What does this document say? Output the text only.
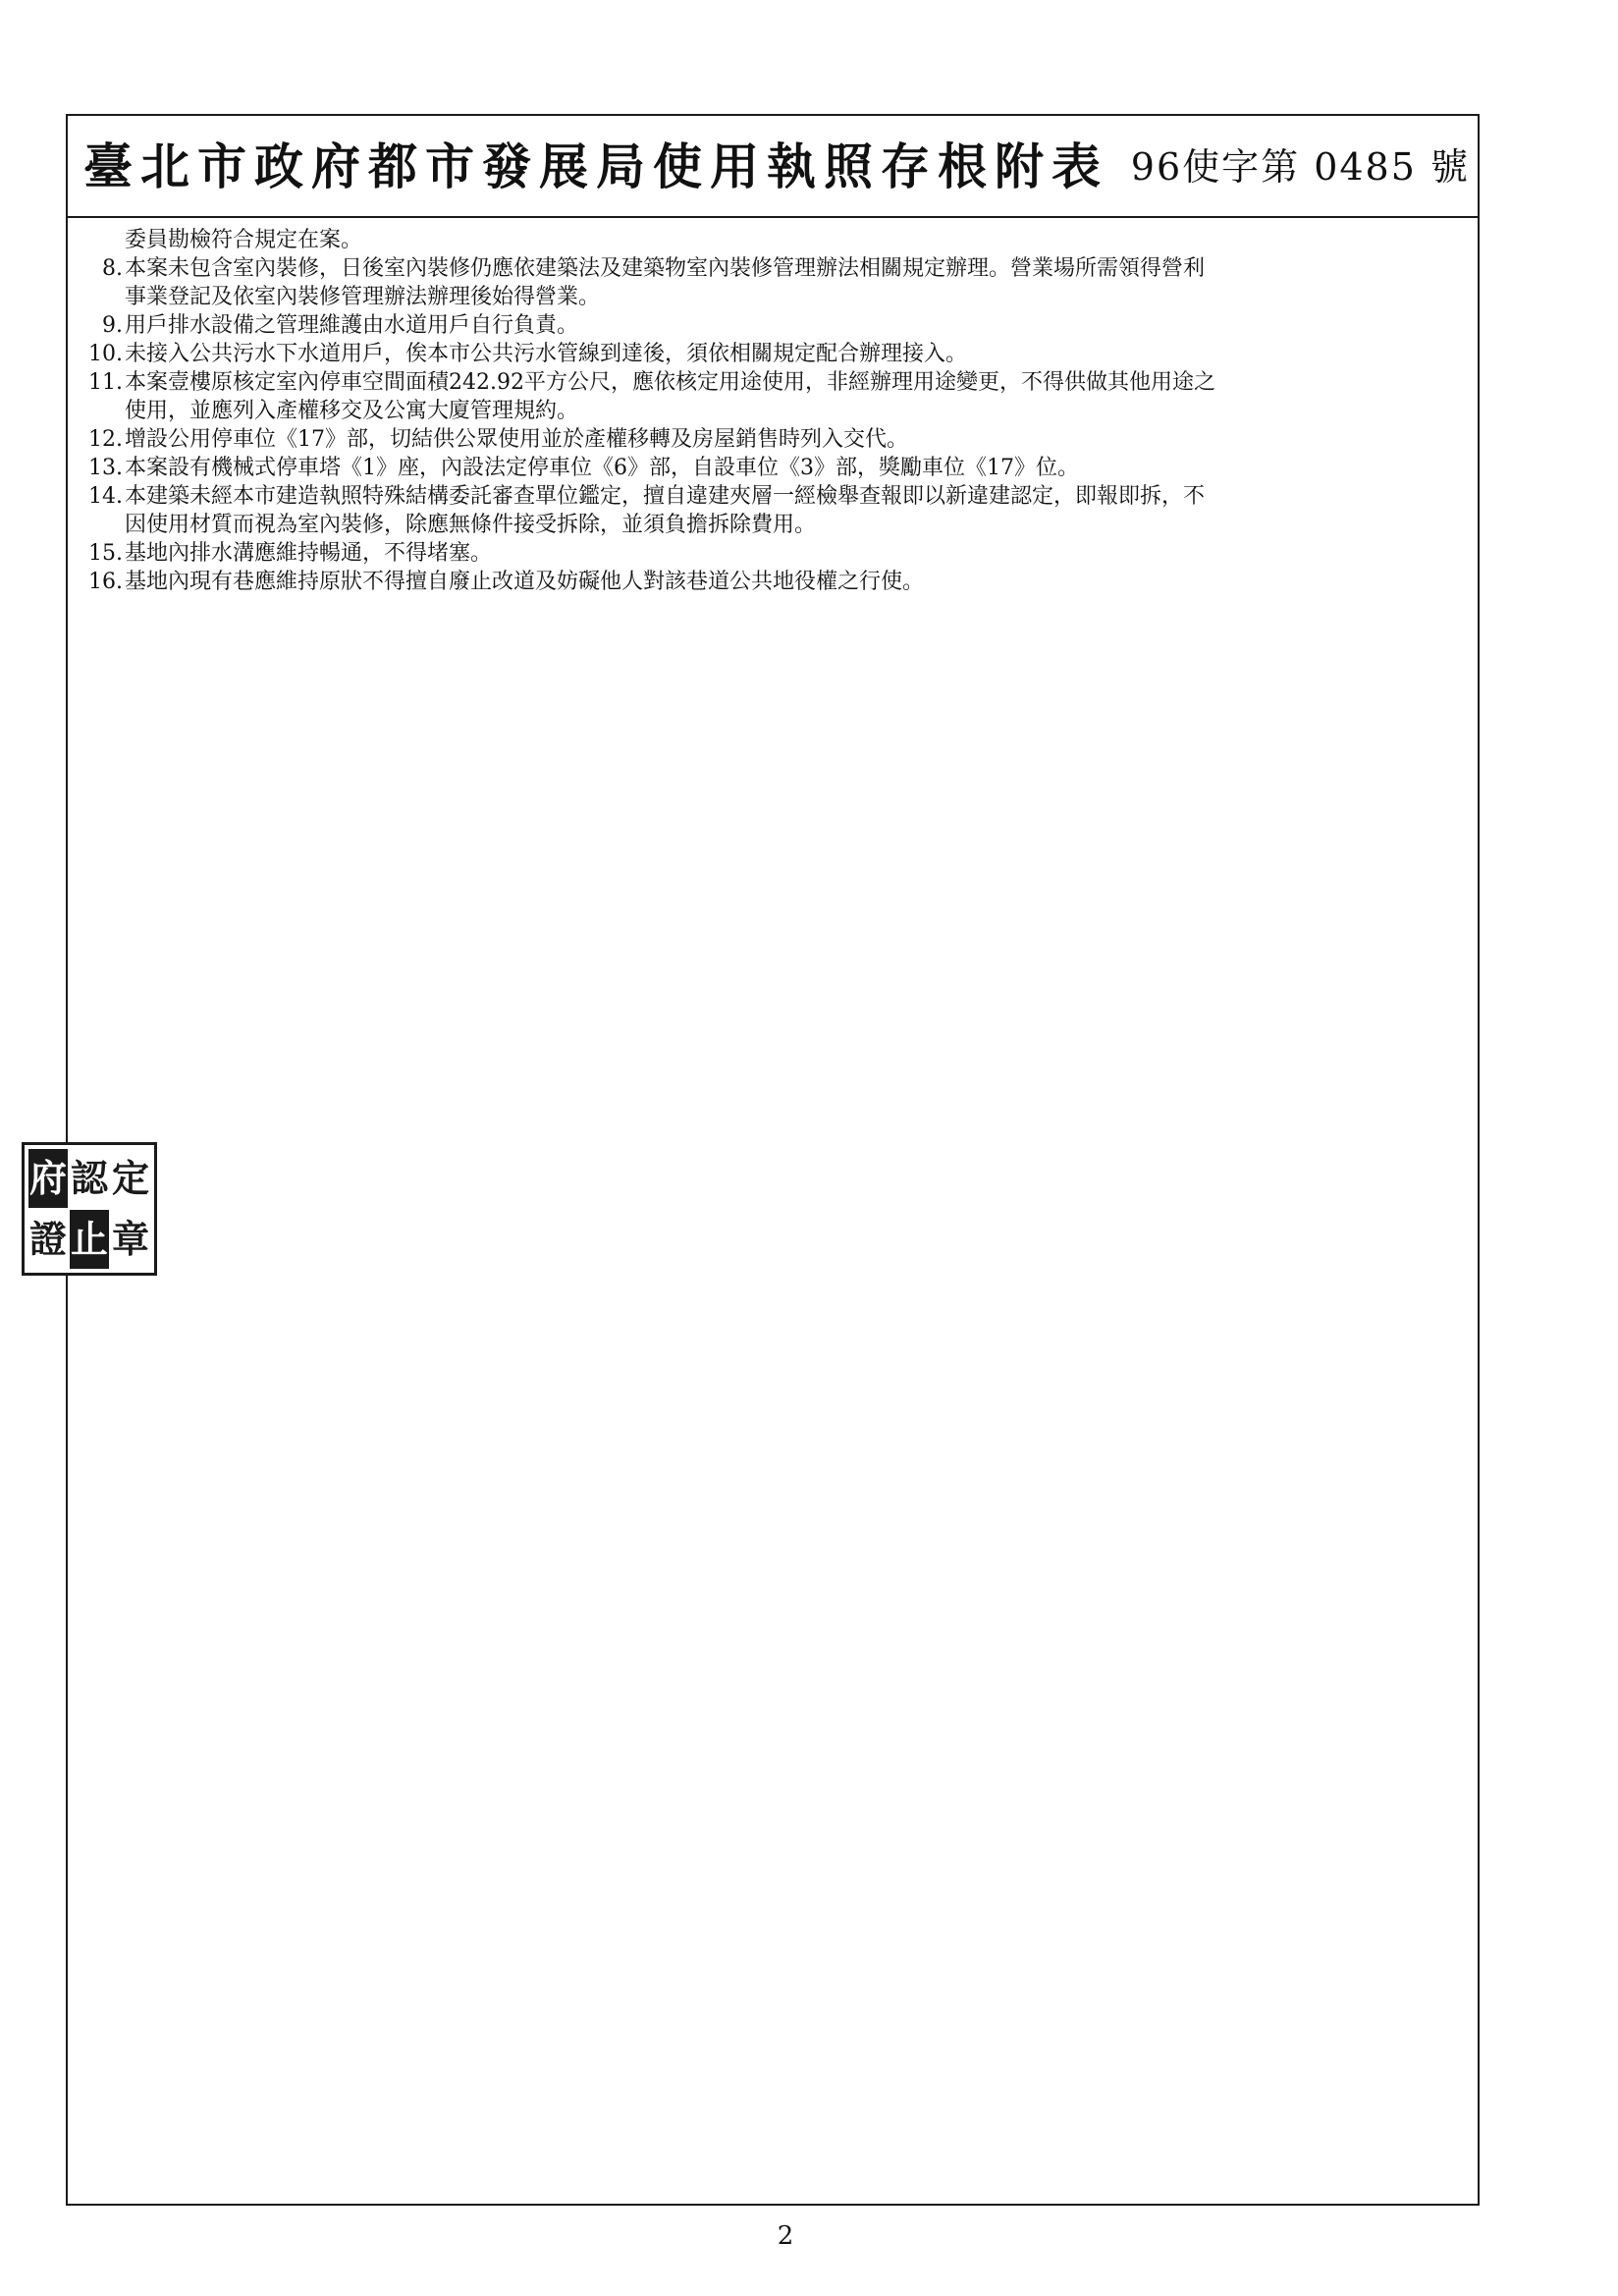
臺北市政府都市發展局使用執照存根附表 96使字第 0485 號
委員勘檢符合規定在案。
8. 本案未包含室內裝修，日後室內裝修仍應依建築法及建築物室內裝修管理辦法相關規定辦理。營業場所需領得營利
事業登記及依室內裝修管理辦法辦理後始得營業。
9. 用戶排水設備之管理維護由水道用戶自行負責。
10. 未接入公共污水下水道用戶，俟本市公共污水管線到達後，須依相關規定配合辦理接入。
11. 本案壹樓原核定室內停車空間面積242.92平方公尺，應依核定用途使用，非經辦理用途變更，不得供做其他用途之
使用，並應列入產權移交及公寓大廈管理規約。
12. 增設公用停車位《17》部，切結供公眾使用並於產權移轉及房屋銷售時列入交代。
13. 本案設有機械式停車塔《1》座，內設法定停車位《6》部，自設車位《3》部，獎勵車位《17》位。
14. 本建築未經本市建造執照特殊結構委託審查單位鑑定，擅自違建夾層一經檢舉查報即以新違建認定，即報即拆，不
因使用材質而視為室內裝修，除應無條件接受拆除，並須負擔拆除費用。
15. 基地內排水溝應維持暢通，不得堵塞。
16. 基地內現有巷應維持原狀不得擅自廢止改道及妨礙他人對該巷道公共地役權之行使。
府 認 定
證 止 章
2
